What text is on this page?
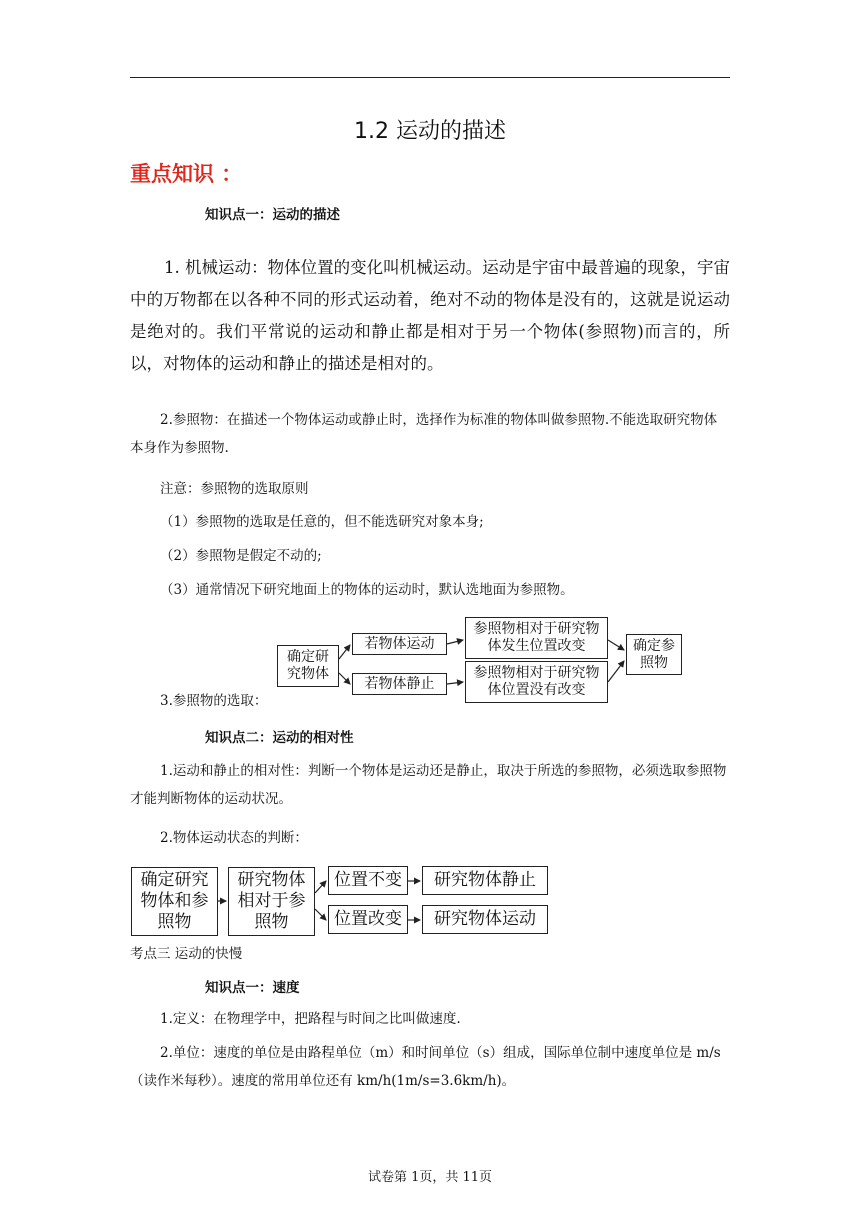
1.2 运动的描述
重点知识 ：
知识点一：运动的描述
1. 机械运动：物体位置的变化叫机械运动。运动是宇宙中最普遍的现象，宇宙中的万物都在以各种不同的形式运动着，绝对不动的物体是没有的，这就是说运动是绝对的。我们平常说的运动和静止都是相对于另一个物体(参照物)而言的，所以，对物体的运动和静止的描述是相对的。
2.参照物：在描述一个物体运动或静止时，选择作为标准的物体叫做参照物.不能选取研究物体本身作为参照物.
注意：参照物的选取原则
（1）参照物的选取是任意的，但不能选研究对象本身;
（2）参照物是假定不动的;
（3）通常情况下研究地面上的物体的运动时，默认选地面为参照物。
确定研究物体
若物体运动
若物体静止
参照物相对于研究物体发生位置改变
参照物相对于研究物体位置没有改变
确定参照物
3.参照物的选取：
知识点二：运动的相对性
1.运动和静止的相对性：判断一个物体是运动还是静止，取决于所选的参照物，必须选取参照物才能判断物体的运动状况。
2.物体运动状态的判断：
确定研究物体和参照物
研究物体相对于参照物
位置不变
位置改变
研究物体静止
研究物体运动
考点三 运动的快慢
知识点一：速度
1.定义：在物理学中，把路程与时间之比叫做速度.
2.单位：速度的单位是由路程单位（m）和时间单位（s）组成，国际单位制中速度单位是 m/s（读作米每秒）。速度的常用单位还有 km/h(1m/s=3.6km/h)。
试卷第 1页，共 11页
